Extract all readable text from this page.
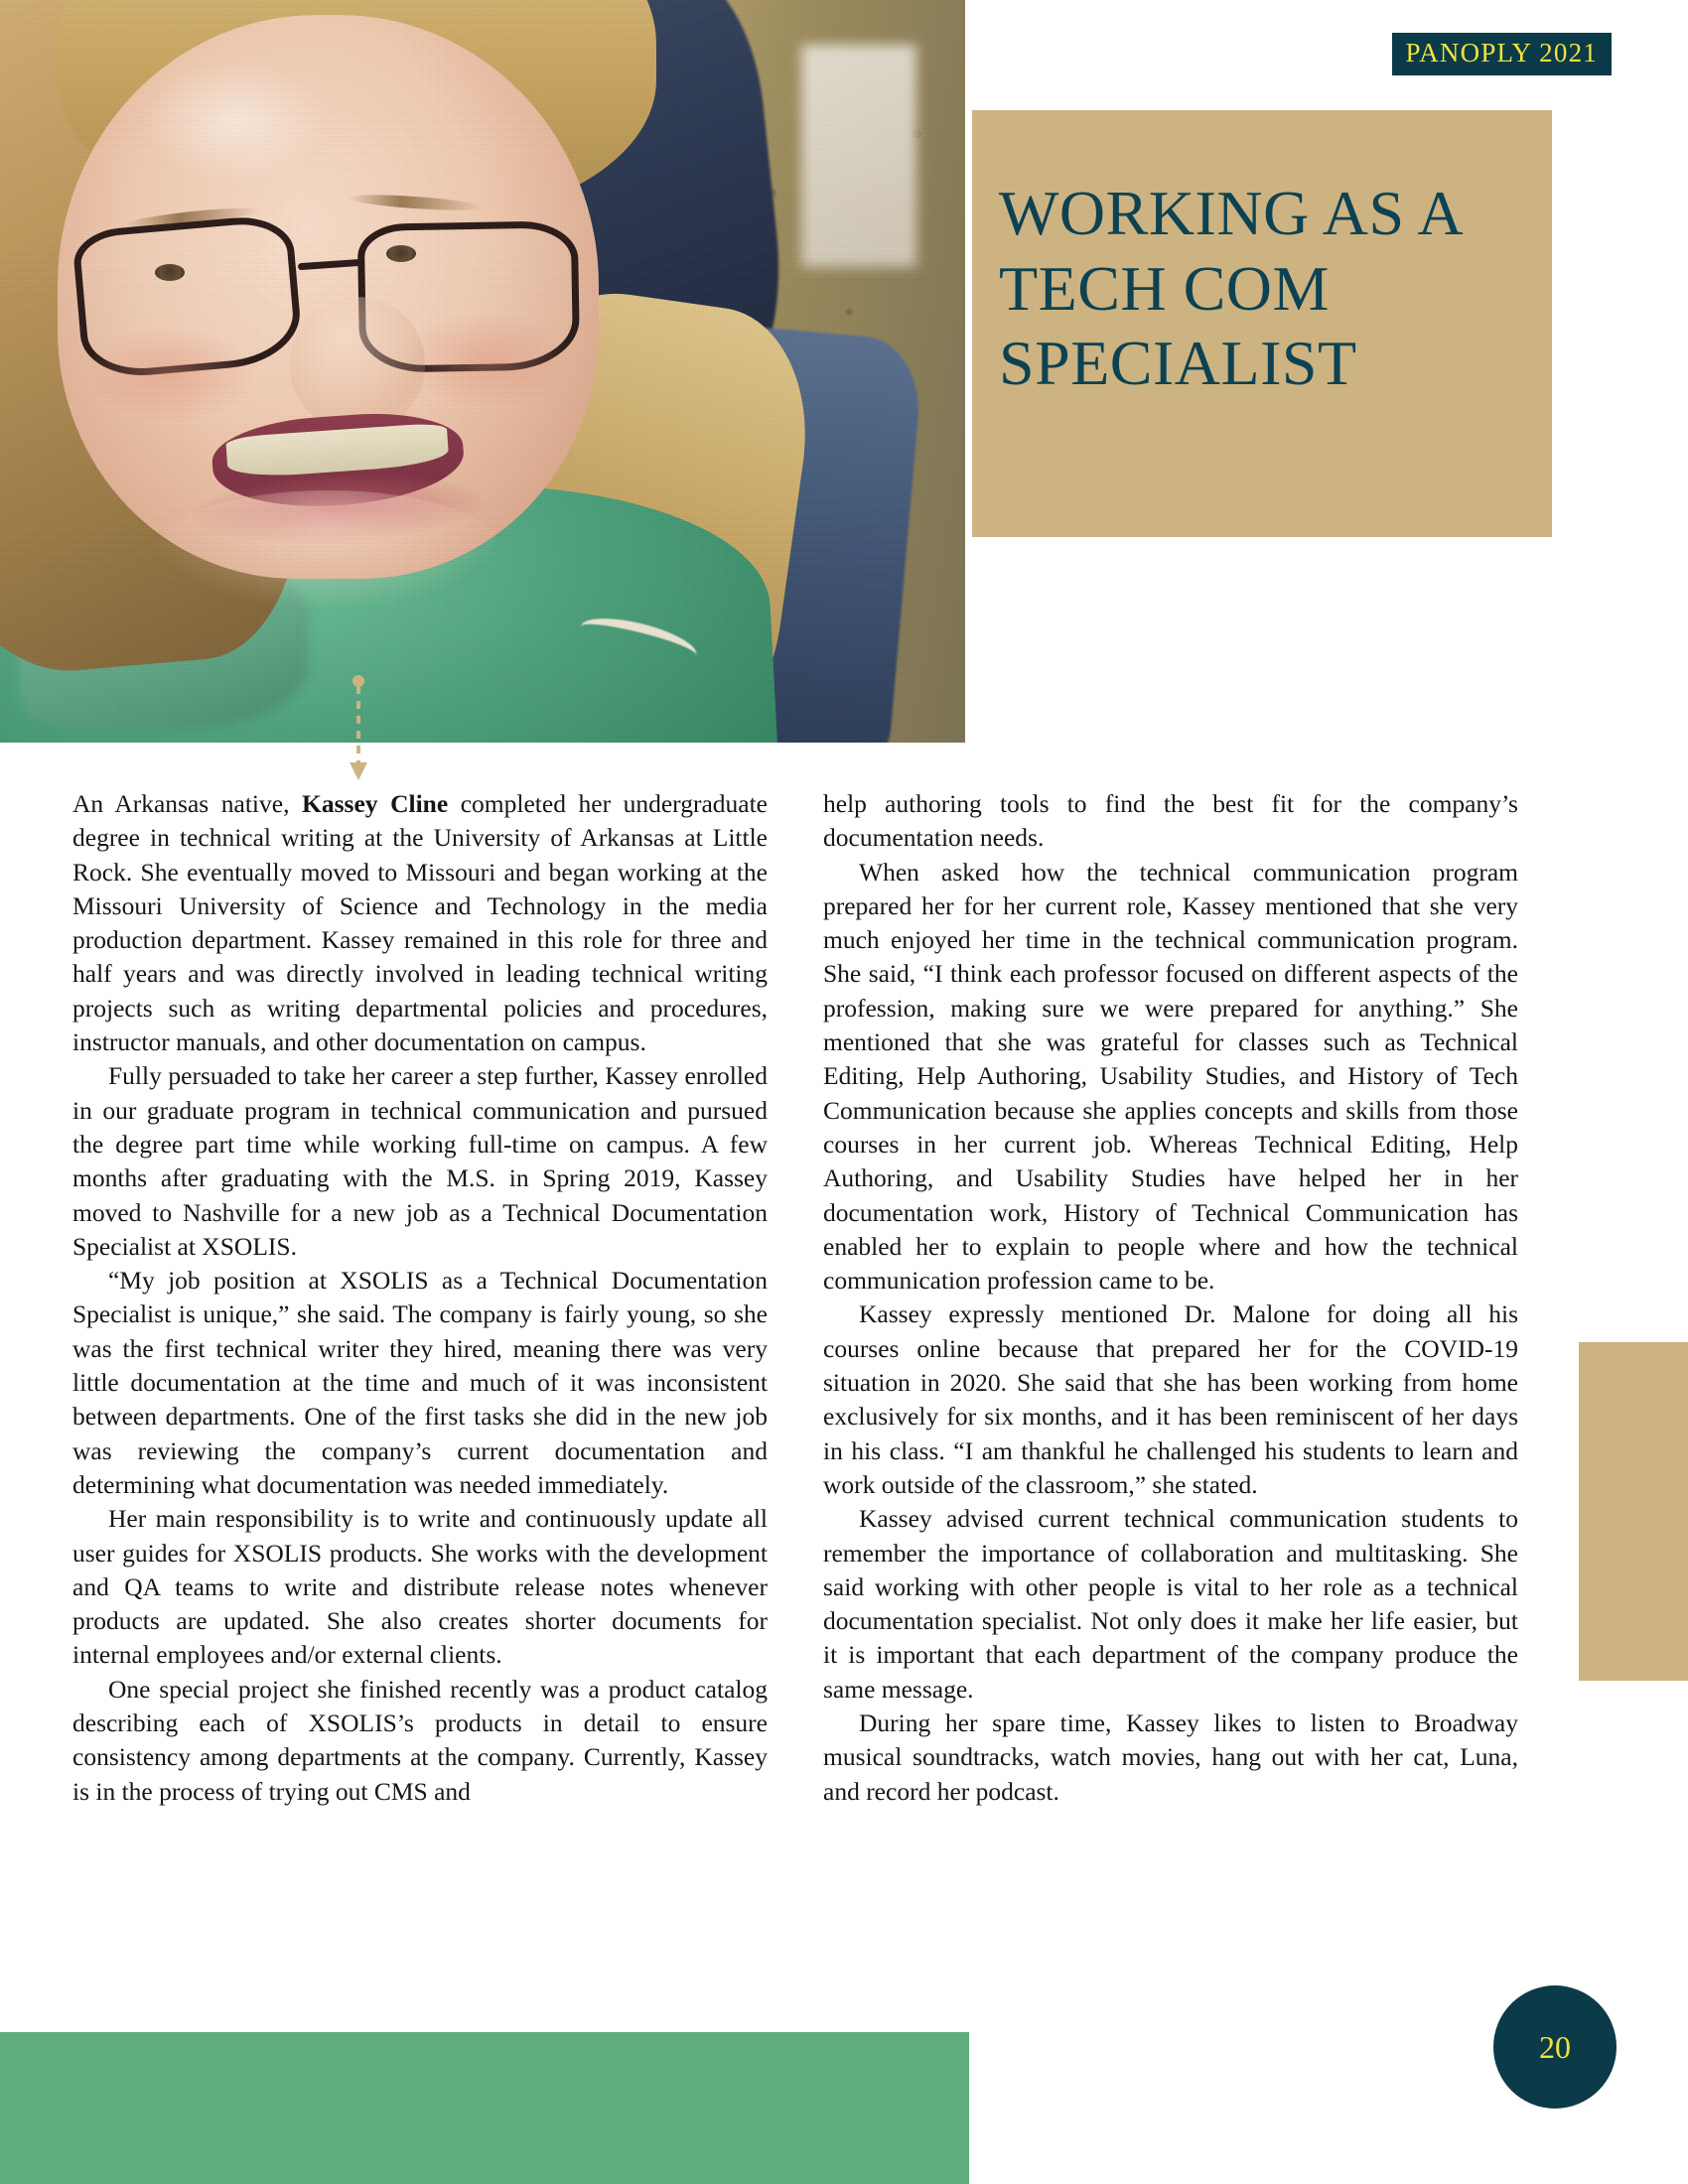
PANOPLY 2021
WORKING AS A TECH COM SPECIALIST

An Arkansas native, Kassey Cline completed her undergraduate degree in technical writing at the University of Arkansas at Little Rock. She eventually moved to Missouri and began working at the Missouri University of Science and Technology in the media production department. Kassey remained in this role for three and half years and was directly involved in leading technical writing projects such as writing departmental policies and procedures, instructor manuals, and other documentation on campus.

Fully persuaded to take her career a step further, Kassey enrolled in our graduate program in technical communication and pursued the degree part time while working full-time on campus. A few months after graduating with the M.S. in Spring 2019, Kassey moved to Nashville for a new job as a Technical Documentation Specialist at XSOLIS.

“My job position at XSOLIS as a Technical Documentation Specialist is unique,” she said. The company is fairly young, so she was the first technical writer they hired, meaning there was very little documentation at the time and much of it was inconsistent between departments. One of the first tasks she did in the new job was reviewing the company’s current documentation and determining what documentation was needed immediately.

Her main responsibility is to write and continuously update all user guides for XSOLIS products. She works with the development and QA teams to write and distribute release notes whenever products are updated. She also creates shorter documents for internal employees and/or external clients.

One special project she finished recently was a product catalog describing each of XSOLIS’s products in detail to ensure consistency among departments at the company. Currently, Kassey is in the process of trying out CMS and

help authoring tools to find the best fit for the company’s documentation needs.

When asked how the technical communication program prepared her for her current role, Kassey mentioned that she very much enjoyed her time in the technical communication program. She said, “I think each professor focused on different aspects of the profession, making sure we were prepared for anything.” She mentioned that she was grateful for classes such as Technical Editing, Help Authoring, Usability Studies, and History of Tech Communication because she applies concepts and skills from those courses in her current job. Whereas Technical Editing, Help Authoring, and Usability Studies have helped her in her documentation work, History of Technical Communication has enabled her to explain to people where and how the technical communication profession came to be.

Kassey expressly mentioned Dr. Malone for doing all his courses online because that prepared her for the COVID-19 situation in 2020. She said that she has been working from home exclusively for six months, and it has been reminiscent of her days in his class. “I am thankful he challenged his students to learn and work outside of the classroom,” she stated.

Kassey advised current technical communication students to remember the importance of collaboration and multitasking. She said working with other people is vital to her role as a technical documentation specialist. Not only does it make her life easier, but it is important that each department of the company produce the same message.

During her spare time, Kassey likes to listen to Broadway musical soundtracks, watch movies, hang out with her cat, Luna, and record her podcast.

20
